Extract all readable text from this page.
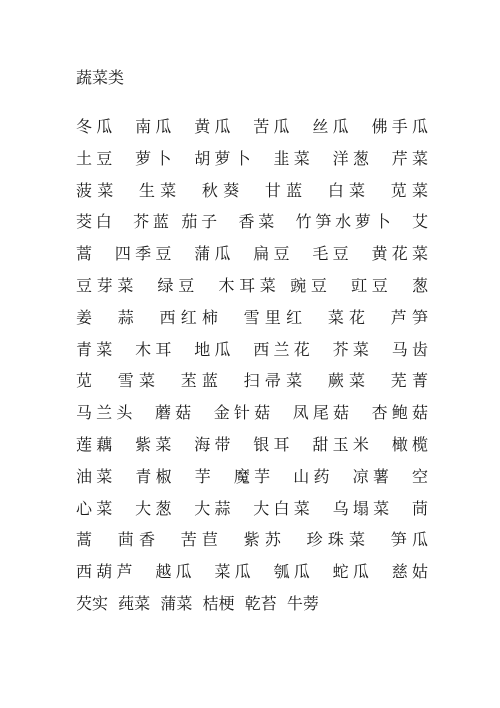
蔬菜类
冬瓜  南瓜  黄瓜  苦瓜  丝瓜  佛手瓜
土豆  萝卜  胡萝卜  韭菜  洋葱  芹菜
菠菜  生菜  秋葵  甘蓝  白菜  苋菜
茭白  芥蓝 茄子  香菜  竹笋水萝卜  艾
蒿  四季豆  蒲瓜  扁豆  毛豆  黄花菜
豆芽菜  绿豆  木耳菜 豌豆  豇豆  葱
姜  蒜  西红柿  雪里红  菜花  芦笋
青菜  木耳  地瓜  西兰花  芥菜  马齿
苋  雪菜  苤蓝  扫帚菜  蕨菜  芜菁
马兰头  蘑菇  金针菇  凤尾菇  杏鲍菇
莲藕  紫菜  海带  银耳  甜玉米  橄榄
油菜  青椒  芋  魔芋  山药  凉薯  空
心菜  大葱  大蒜  大白菜  乌塌菜  茼
蒿  茴香  苦苣  紫苏  珍珠菜  笋瓜
西葫芦  越瓜  菜瓜  瓠瓜  蛇瓜  慈姑
芡实  莼菜  蒲菜  桔梗  乾苔  牛蒡
